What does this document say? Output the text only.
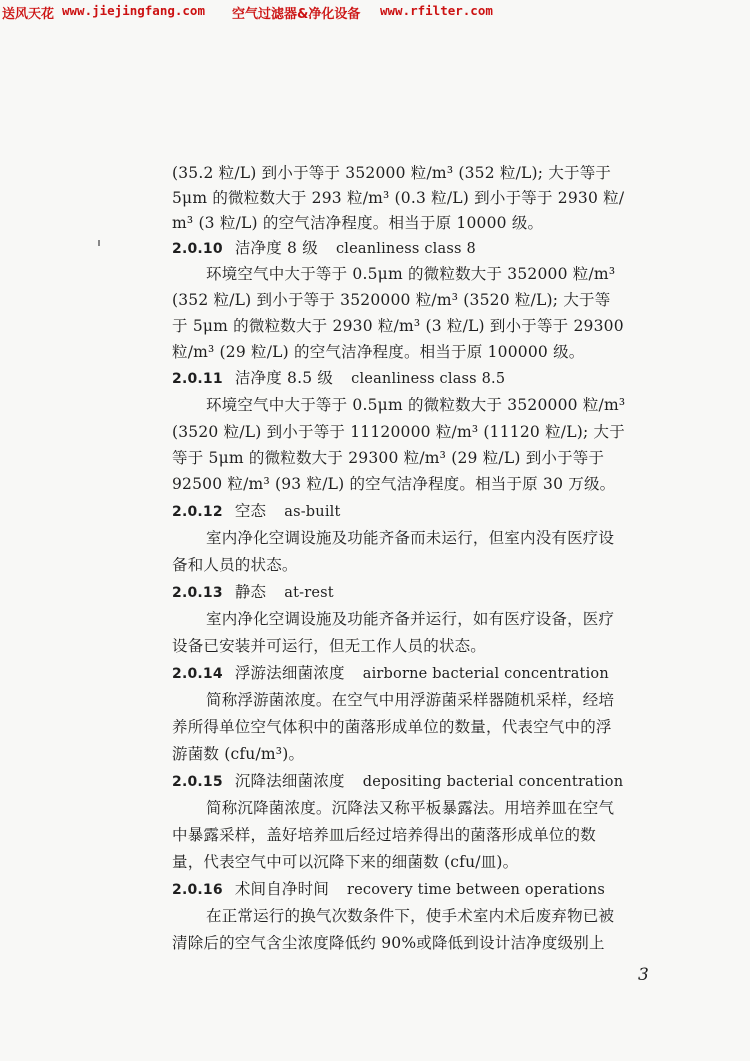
送风天花 www.jiejingfang.com 空气过滤器&净化设备 www.rfilter.com
(35.2 粒/L) 到小于等于 352000 粒/m³ (352 粒/L); 大于等于
5μm 的微粒数大于 293 粒/m³ (0.3 粒/L) 到小于等于 2930 粒/
m³ (3 粒/L) 的空气洁净程度。相当于原 10000 级。
2.0.10 洁净度 8 级 cleanliness class 8
环境空气中大于等于 0.5μm 的微粒数大于 352000 粒/m³
(352 粒/L) 到小于等于 3520000 粒/m³ (3520 粒/L); 大于等
于 5μm 的微粒数大于 2930 粒/m³ (3 粒/L) 到小于等于 29300
粒/m³ (29 粒/L) 的空气洁净程度。相当于原 100000 级。
2.0.11 洁净度 8.5 级 cleanliness class 8.5
环境空气中大于等于 0.5μm 的微粒数大于 3520000 粒/m³
(3520 粒/L) 到小于等于 11120000 粒/m³ (11120 粒/L); 大于
等于 5μm 的微粒数大于 29300 粒/m³ (29 粒/L) 到小于等于
92500 粒/m³ (93 粒/L) 的空气洁净程度。相当于原 30 万级。
2.0.12 空态 as-built
室内净化空调设施及功能齐备而未运行，但室内没有医疗设
备和人员的状态。
2.0.13 静态 at-rest
室内净化空调设施及功能齐备并运行，如有医疗设备，医疗
设备已安装并可运行，但无工作人员的状态。
2.0.14 浮游法细菌浓度 airborne bacterial concentration
简称浮游菌浓度。在空气中用浮游菌采样器随机采样，经培
养所得单位空气体积中的菌落形成单位的数量，代表空气中的浮
游菌数 (cfu/m³)。
2.0.15 沉降法细菌浓度 depositing bacterial concentration
简称沉降菌浓度。沉降法又称平板暴露法。用培养皿在空气
中暴露采样，盖好培养皿后经过培养得出的菌落形成单位的数
量，代表空气中可以沉降下来的细菌数 (cfu/皿)。
2.0.16 术间自净时间 recovery time between operations
在正常运行的换气次数条件下，使手术室内术后废弃物已被
清除后的空气含尘浓度降低约 90%或降低到设计洁净度级别上
3
